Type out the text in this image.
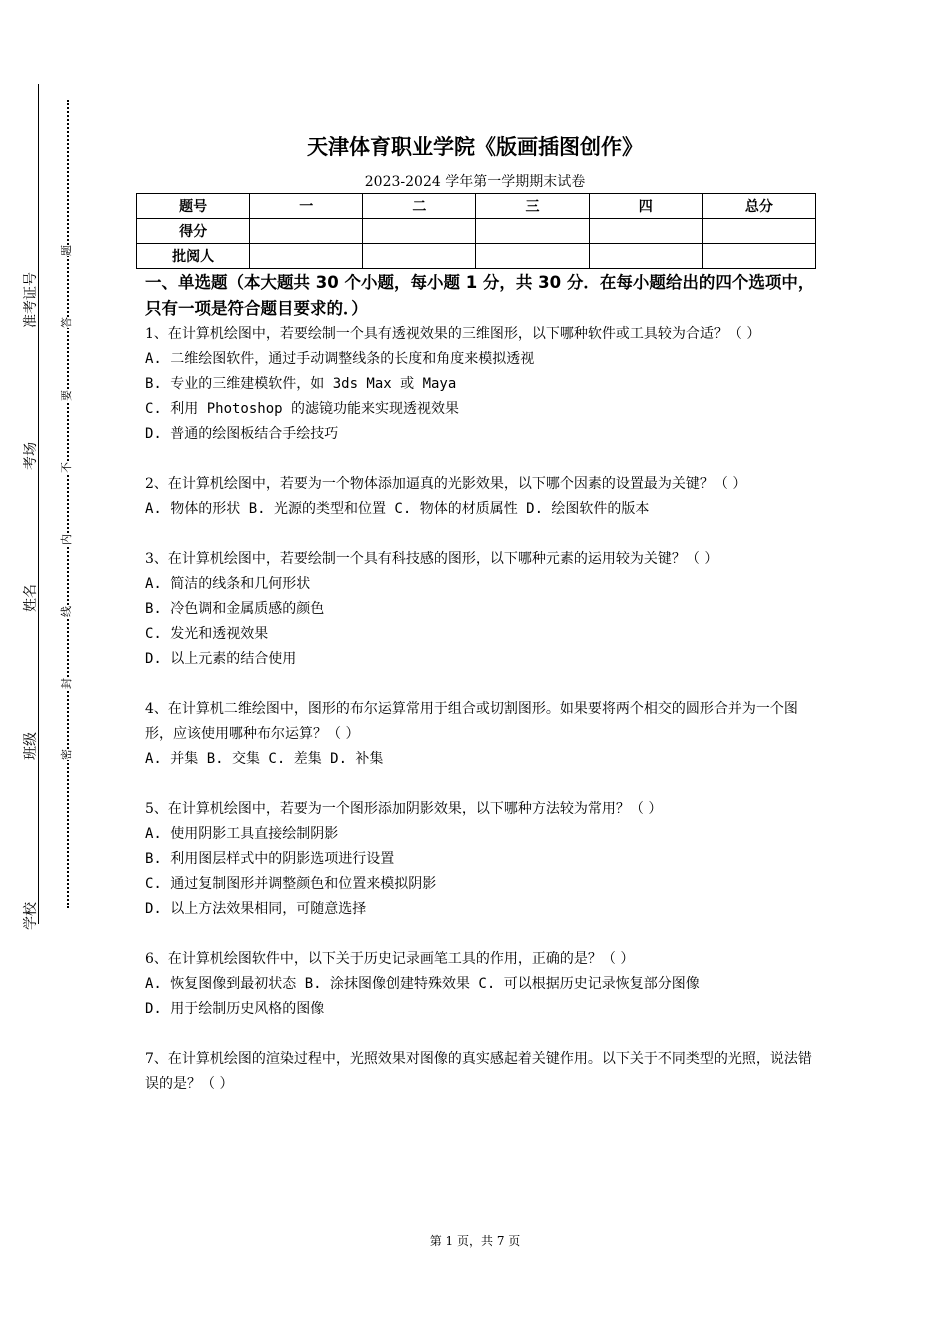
学校
班级
姓名
考场
准考证号
题
答
要
不
内
线
封
密
天津体育职业学院《版画插图创作》
2023-2024 学年第一学期期末试卷
题号	一	二	三	四	总分
得分					
批阅人					

一、单选题（本大题共 30 个小题，每小题 1 分，共 30 分．在每小题给出的四个选项中，只有一项是符合题目要求的．）

1、在计算机绘图中，若要绘制一个具有透视效果的三维图形，以下哪种软件或工具较为合适？（ ）

A. 二维绘图软件，通过手动调整线条的长度和角度来模拟透视

B. 专业的三维建模软件，如 3ds Max 或 Maya

C. 利用 Photoshop 的滤镜功能来实现透视效果

D. 普通的绘图板结合手绘技巧

2、在计算机绘图中，若要为一个物体添加逼真的光影效果，以下哪个因素的设置最为关键？（ ）

A. 物体的形状 B. 光源的类型和位置 C. 物体的材质属性 D. 绘图软件的版本

3、在计算机绘图中，若要绘制一个具有科技感的图形，以下哪种元素的运用较为关键？（ ）

A. 简洁的线条和几何形状

B. 冷色调和金属质感的颜色

C. 发光和透视效果

D. 以上元素的结合使用

4、在计算机二维绘图中，图形的布尔运算常用于组合或切割图形。如果要将两个相交的圆形合并为一个图形，应该使用哪种布尔运算？（ ）

A. 并集 B. 交集 C. 差集 D. 补集

5、在计算机绘图中，若要为一个图形添加阴影效果，以下哪种方法较为常用？（ ）

A. 使用阴影工具直接绘制阴影

B. 利用图层样式中的阴影选项进行设置

C. 通过复制图形并调整颜色和位置来模拟阴影

D. 以上方法效果相同，可随意选择

6、在计算机绘图软件中，以下关于历史记录画笔工具的作用，正确的是？（ ）

A. 恢复图像到最初状态 B. 涂抹图像创建特殊效果 C. 可以根据历史记录恢复部分图像

D. 用于绘制历史风格的图像

7、在计算机绘图的渲染过程中，光照效果对图像的真实感起着关键作用。以下关于不同类型的光照，说法错误的是？（ ）

第 1 页，共 7 页
